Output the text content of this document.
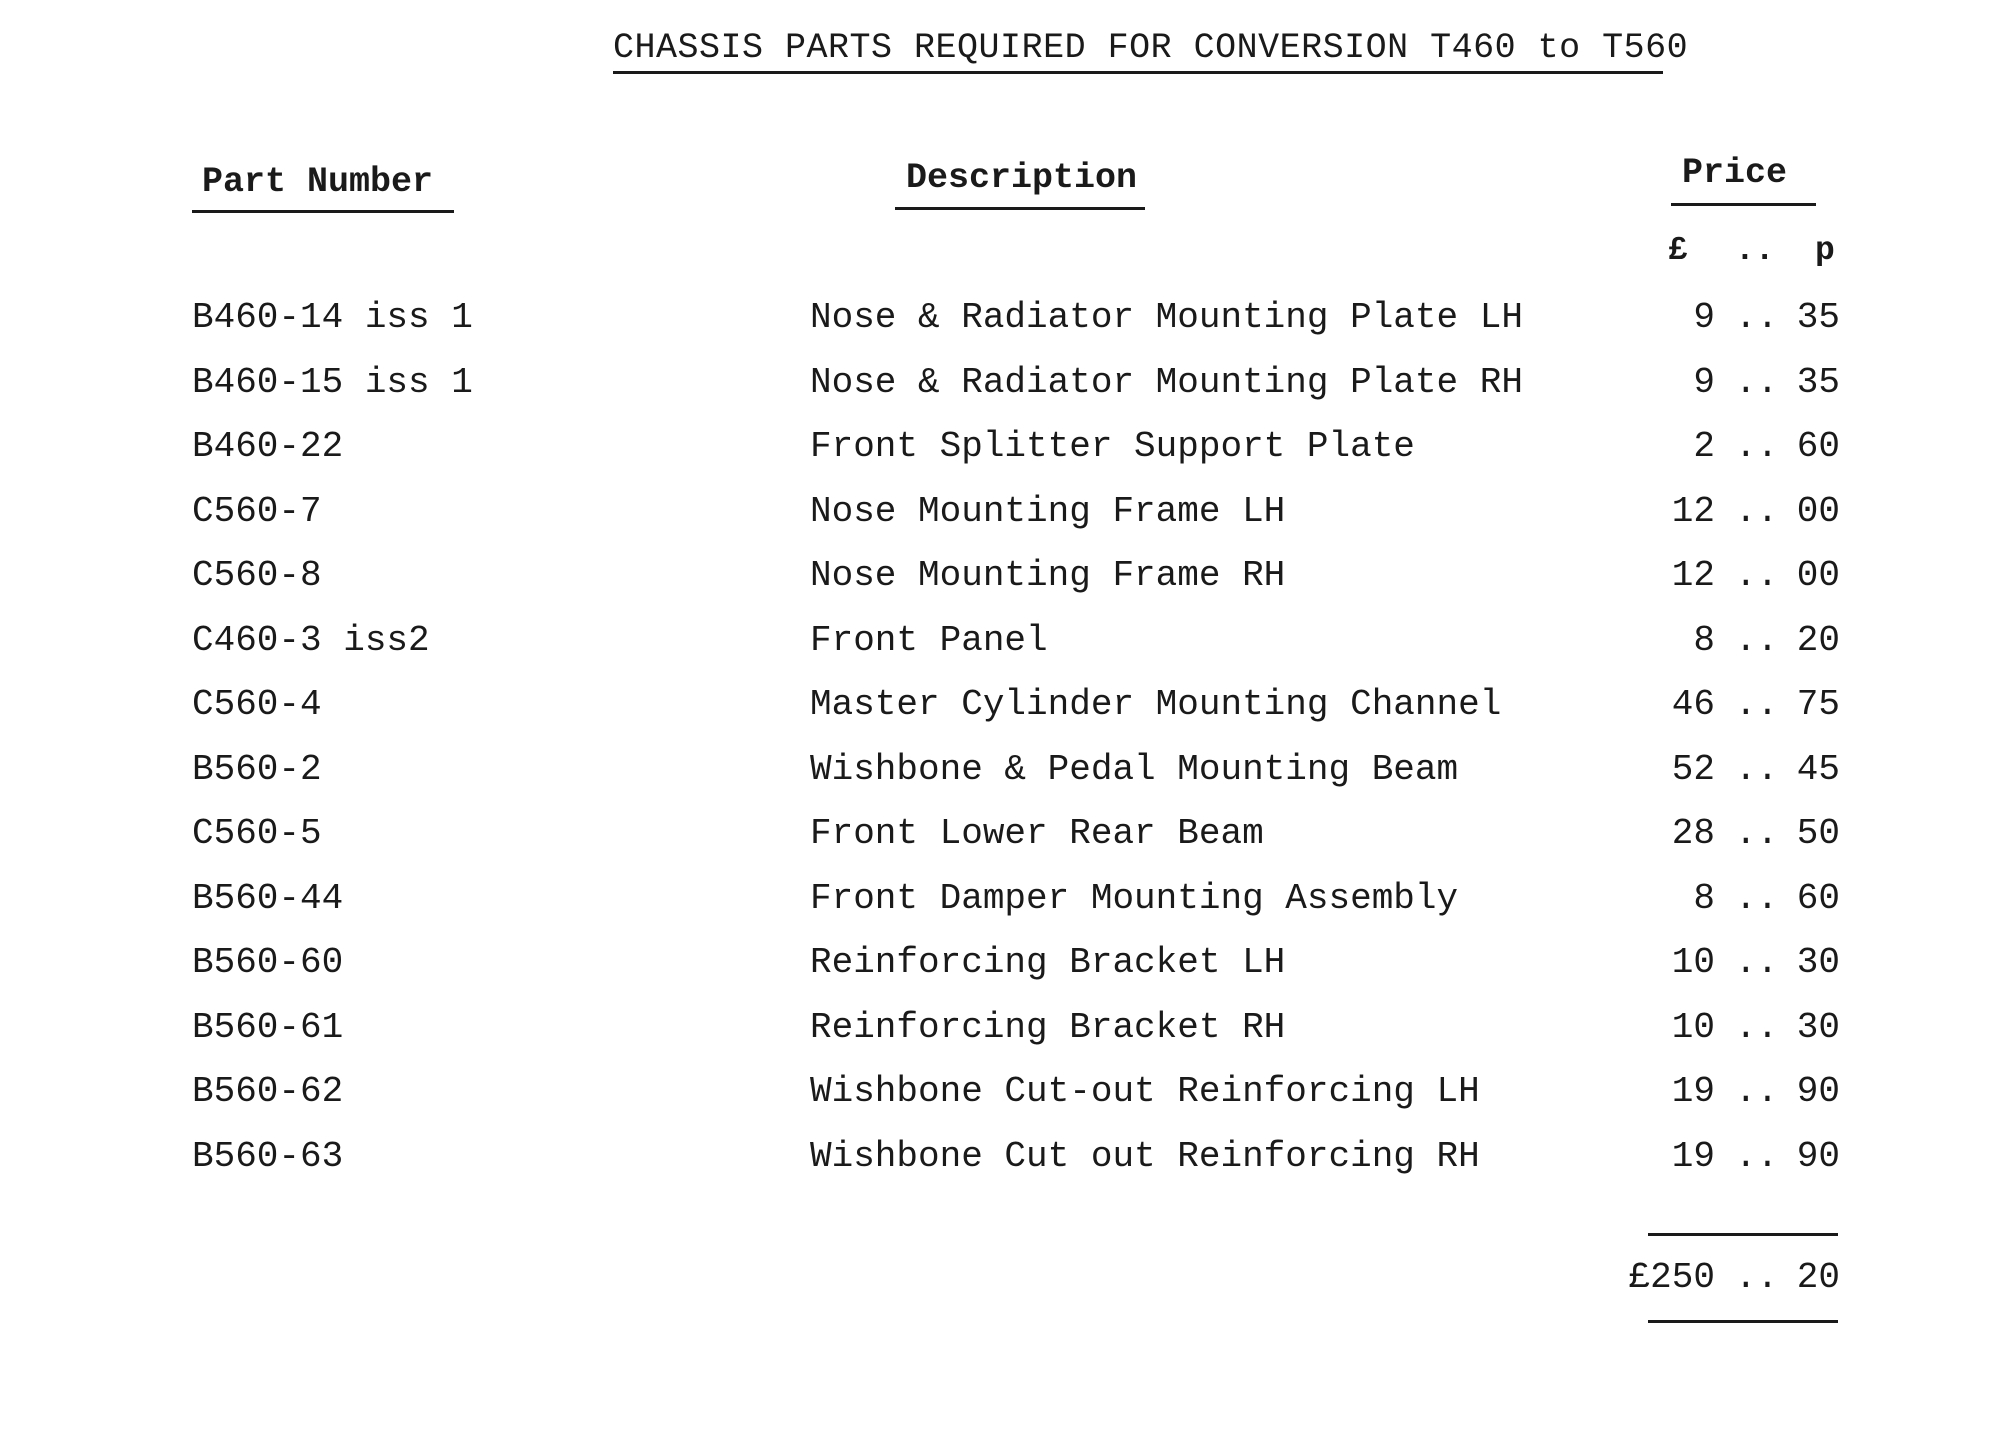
CHASSIS PARTS REQUIRED FOR CONVERSION T460 to T560
Part Number	Description	Price
£ .. p
B460-14 iss 1	Nose & Radiator Mounting Plate LH	9 .. 35
B460-15 iss 1	Nose & Radiator Mounting Plate RH	9 .. 35
B460-22	Front Splitter Support Plate	2 .. 60
C560-7	Nose Mounting Frame LH	12 .. 00
C560-8	Nose Mounting Frame RH	12 .. 00
C460-3 iss2	Front Panel	8 .. 20
C560-4	Master Cylinder Mounting Channel	46 .. 75
B560-2	Wishbone & Pedal Mounting Beam	52 .. 45
C560-5	Front Lower Rear Beam	28 .. 50
B560-44	Front Damper Mounting Assembly	8 .. 60
B560-60	Reinforcing Bracket LH	10 .. 30
B560-61	Reinforcing Bracket RH	10 .. 30
B560-62	Wishbone Cut-out Reinforcing LH	19 .. 90
B560-63	Wishbone Cut out Reinforcing RH	19 .. 90
£250 .. 20
